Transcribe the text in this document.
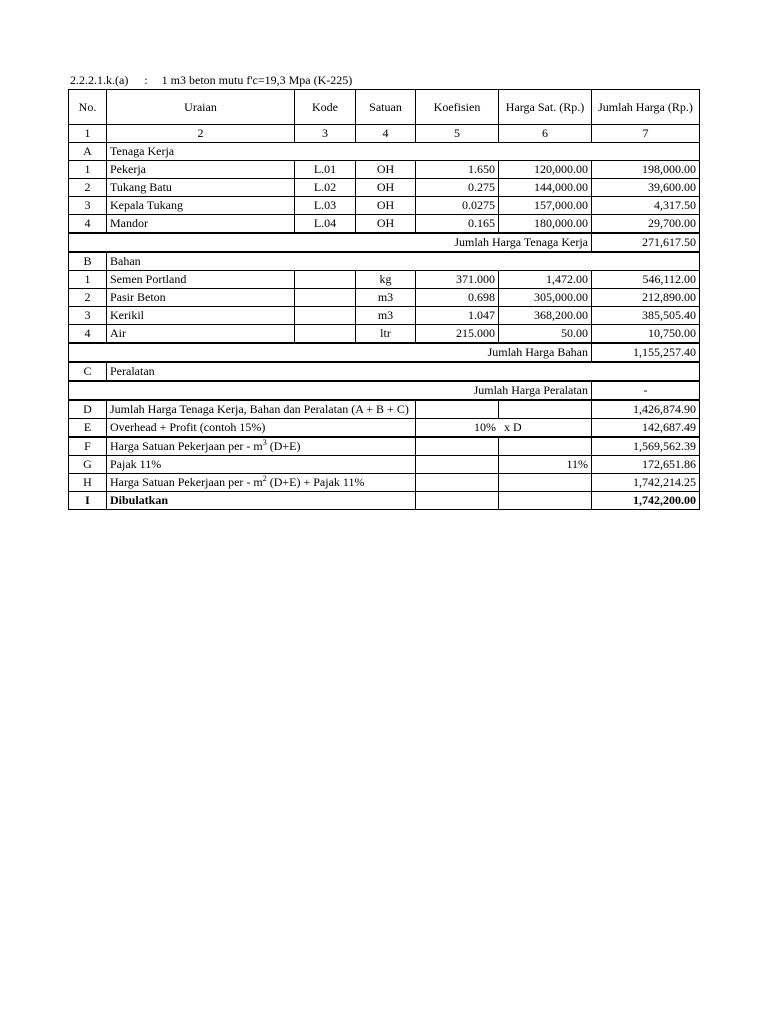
2.2.2.1.k.(a) : 1 m3 beton mutu f'c=19,3 Mpa (K-225)
No.	Uraian	Kode	Satuan	Koefisien	Harga Sat. (Rp.)	Jumlah Harga (Rp.)
1	2	3	4	5	6	7
A	Tenaga Kerja					
1	Pekerja	L.01	OH	1.650	120,000.00	198,000.00
2	Tukang Batu	L.02	OH	0.275	144,000.00	39,600.00
3	Kepala Tukang	L.03	OH	0.0275	157,000.00	4,317.50
4	Mandor	L.04	OH	0.165	180,000.00	29,700.00
Jumlah Harga Tenaga Kerja						271,617.50
B	Bahan					
1	Semen Portland		kg	371.000	1,472.00	546,112.00
2	Pasir Beton		m3	0.698	305,000.00	212,890.00
3	Kerikil		m3	1.047	368,200.00	385,505.40
4	Air		ltr	215.000	50.00	10,750.00
Jumlah Harga Bahan						1,155,257.40
C	Peralatan					
Jumlah Harga Peralatan						-
D	Jumlah Harga Tenaga Kerja, Bahan dan Peralatan (A + B + C)					1,426,874.90
E	Overhead + Profit (contoh 15%)			10% x D		142,687.49
F	Harga Satuan Pekerjaan per - $m^3$ (D+E)					1,569,562.39
G	Pajak 11%				11%	172,651.86
H	Harga Satuan Pekerjaan per - $m^2$ (D+E) + Pajak 11%					1,742,214.25
I	Dibulatkan					1,742,200.00
